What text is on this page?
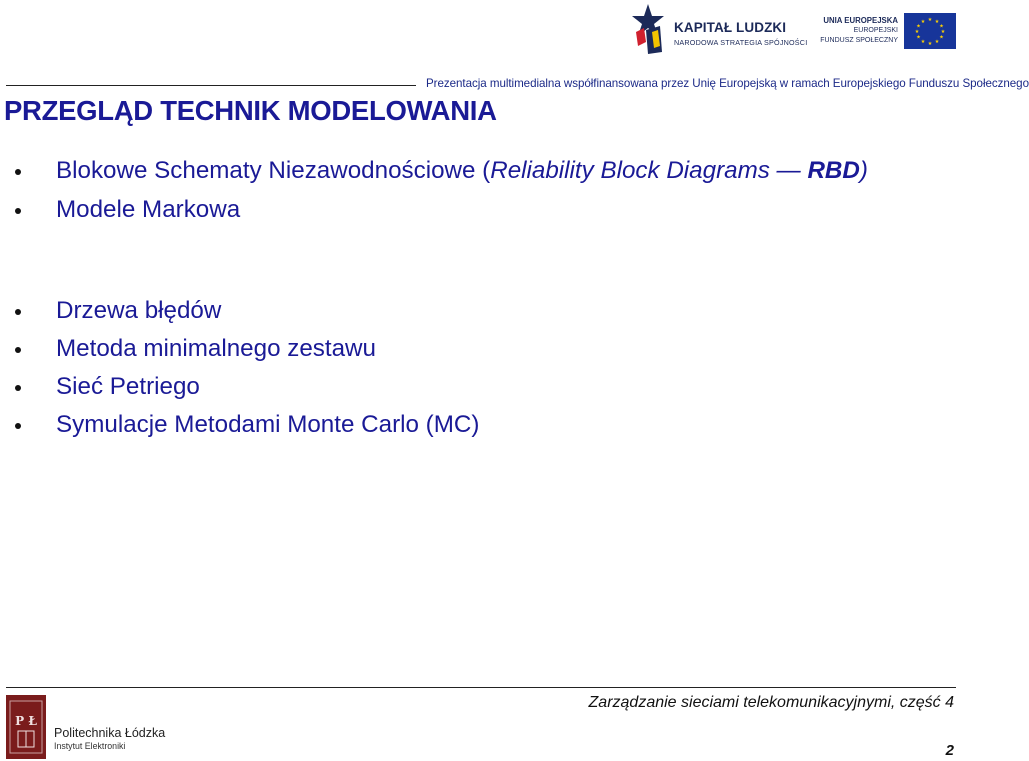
KAPITAŁ LUDZKI
NARODOWA STRATEGIA SPÓJNOŚCI
UNIA EUROPEJSKA
EUROPEJSKI
FUNDUSZ SPOŁECZNY
★ ★
★
★
★
★
★
★
★
★
★
★
Prezentacja multimedialna współfinansowana przez Unię Europejską w ramach Europejskiego Funduszu Społecznego
PRZEGLĄD TECHNIK MODELOWANIA
Blokowe Schematy Niezawodnościowe (Reliability Block Diagrams — RBD)
Modele Markowa
Drzewa błędów
Metoda minimalnego zestawu
Sieć Petriego
Symulacje Metodami Monte Carlo (MC)
Zarządzanie sieciami telekomunikacyjnymi, część 4
2
P Ł
Politechnika Łódzka
Instytut Elektroniki
